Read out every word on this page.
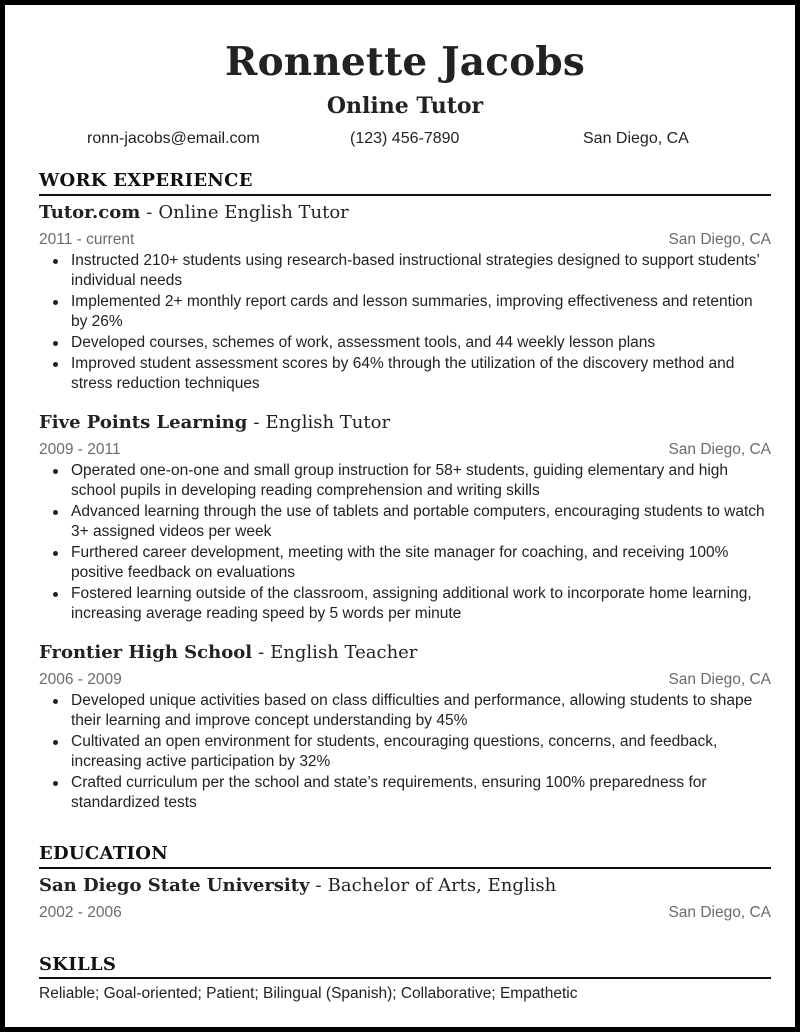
Ronnette Jacobs
Online Tutor
ronn-jacobs@email.com	(123) 456-7890	San Diego, CA
WORK EXPERIENCE
Tutor.com - Online English Tutor
2011 - current	San Diego, CA
Instructed 210+ students using research-based instructional strategies designed to support students’ individual needs
Implemented 2+ monthly report cards and lesson summaries, improving effectiveness and retention by 26%
Developed courses, schemes of work, assessment tools, and 44 weekly lesson plans
Improved student assessment scores by 64% through the utilization of the discovery method and stress reduction techniques
Five Points Learning - English Tutor
2009 - 2011	San Diego, CA
Operated one-on-one and small group instruction for 58+ students, guiding elementary and high school pupils in developing reading comprehension and writing skills
Advanced learning through the use of tablets and portable computers, encouraging students to watch 3+ assigned videos per week
Furthered career development, meeting with the site manager for coaching, and receiving 100% positive feedback on evaluations
Fostered learning outside of the classroom, assigning additional work to incorporate home learning, increasing average reading speed by 5 words per minute
Frontier High School - English Teacher
2006 - 2009	San Diego, CA
Developed unique activities based on class difficulties and performance, allowing students to shape their learning and improve concept understanding by 45%
Cultivated an open environment for students, encouraging questions, concerns, and feedback, increasing active participation by 32%
Crafted curriculum per the school and state’s requirements, ensuring 100% preparedness for standardized tests
EDUCATION
San Diego State University - Bachelor of Arts, English
2002 - 2006	San Diego, CA
SKILLS
Reliable; Goal-oriented; Patient; Bilingual (Spanish); Collaborative; Empathetic
